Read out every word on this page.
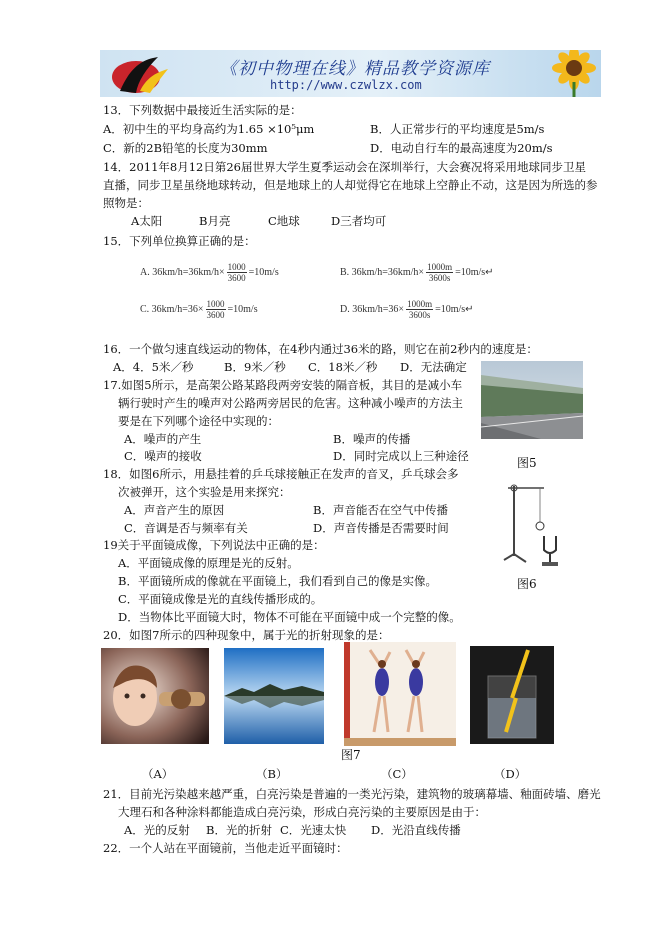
《初中物理在线》精品教学资源库
http://www.czwlzx.com
13．下列数据中最接近生活实际的是：
A．初中生的平均身高约为1.65 ×10⁵μm	B．人正常步行的平均速度是5m/s
C．新的2B铅笔的长度为30mm	D．电动自行车的最高速度为20m/s
14．2011年8月12日第26届世界大学生夏季运动会在深圳举行，大会赛况将采用地球同步卫星
直播，同步卫星虽绕地球转动，但是地球上的人却觉得它在地球上空静止不动，这是因为所选的参
照物是：
A太阳	B月亮	C地球	D三者均可
15．下列单位换算正确的是：
A. $36km/h=36km/h\times \frac{1000}{3600} =10m/s$	B. $36km/h=36km/h\times \frac{1000m}{3600s}$ =10m/s↵
C. $36km/h=36\times \frac{1000}{3600} =10m/s$	D. $36km/h=36\times \frac{1000m}{3600s}$ =10m/s↵
16．一个做匀速直线运动的物体，在4秒内通过36米的路，则它在前2秒内的速度是：
A．4．5米／秒	B．9米／秒 C．18米／秒 D．无法确定
17.如图5所示，是高架公路某路段两旁安装的隔音板，其目的是减小车
辆行驶时产生的噪声对公路两旁居民的危害。这种减小噪声的方法主
要是在下列哪个途径中实现的：
A．噪声的产生	B．噪声的传播
C．噪声的接收	D．同时完成以上三种途径	图5
18．如图6所示，用悬挂着的乒乓球接触正在发声的音叉，乒乓球会多
次被弹开，这个实验是用来探究：
A．声音产生的原因	B．声音能否在空气中传播
C．音调是否与频率有关	D．声音传播是否需要时间
图6
19关于平面镜成像，下列说法中正确的是：
A．平面镜成像的原理是光的反射。
B．平面镜所成的像就在平面镜上，我们看到自己的像是实像。
C．平面镜成像是光的直线传播形成的。
D．当物体比平面镜大时，物体不可能在平面镜中成一个完整的像。
20．如图7所示的四种现象中，属于光的折射现象的是：
图7
（A）	（B）	（C）	（D）
21．目前光污染越来越严重，白亮污染是普遍的一类光污染，建筑物的玻璃幕墙、釉面砖墙、磨光
大理石和各种涂料都能造成白亮污染，形成白亮污染的主要原因是由于：
A．光的反射 B．光的折射 C．光速太快 D．光沿直线传播
22．一个人站在平面镜前，当他走近平面镜时：
